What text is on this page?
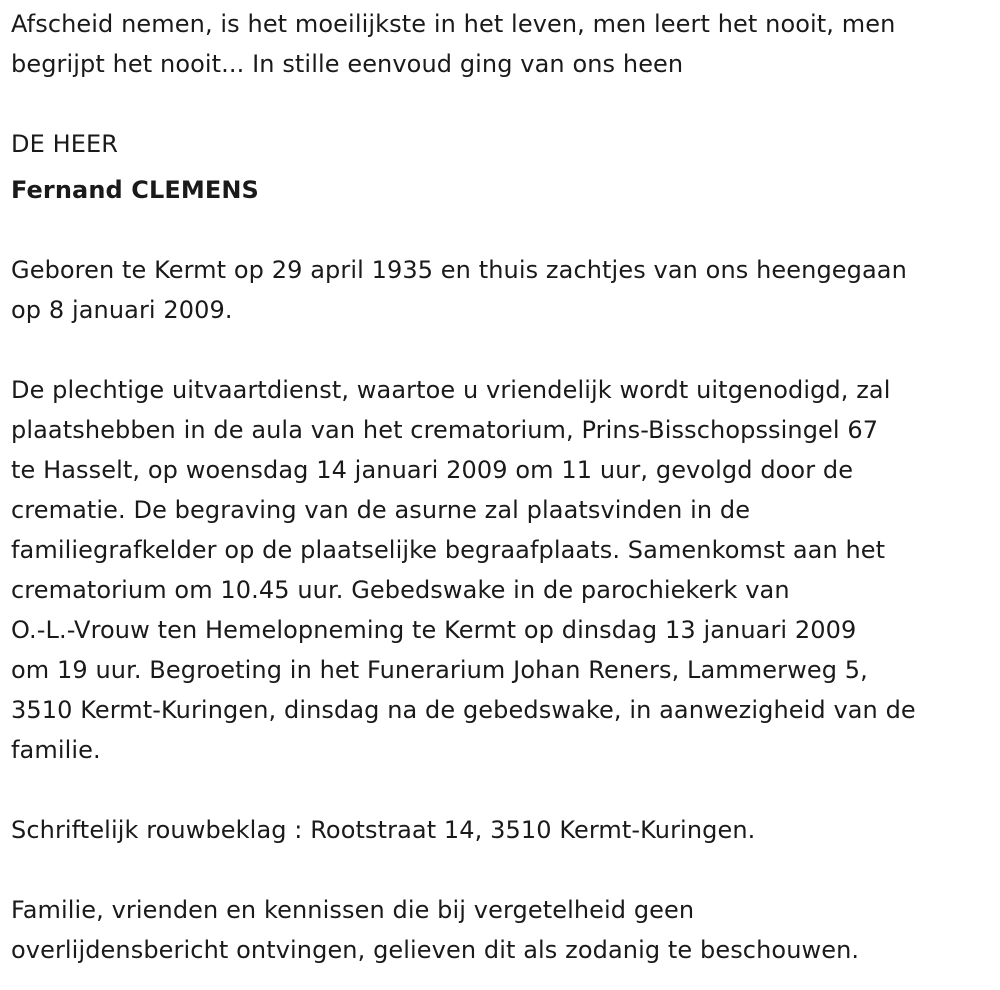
Afscheid nemen, is het moeilijkste in het leven, men leert het nooit, men

begrijpt het nooit... In stille eenvoud ging van ons heen

DE HEER

Fernand CLEMENS

Geboren te Kermt op 29 april 1935 en thuis zachtjes van ons heengegaan

op 8 januari 2009.

De plechtige uitvaartdienst, waartoe u vriendelijk wordt uitgenodigd, zal

plaatshebben in de aula van het crematorium, Prins-Bisschopssingel 67

te Hasselt, op woensdag 14 januari 2009 om 11 uur, gevolgd door de

crematie. De begraving van de asurne zal plaatsvinden in de

familiegrafkelder op de plaatselijke begraafplaats. Samenkomst aan het

crematorium om 10.45 uur. Gebedswake in de parochiekerk van

O.-L.-Vrouw ten Hemelopneming te Kermt op dinsdag 13 januari 2009

om 19 uur. Begroeting in het Funerarium Johan Reners, Lammerweg 5,

3510 Kermt-Kuringen, dinsdag na de gebedswake, in aanwezigheid van de

familie.

Schriftelijk rouwbeklag : Rootstraat 14, 3510 Kermt-Kuringen.

Familie, vrienden en kennissen die bij vergetelheid geen

overlijdensbericht ontvingen, gelieven dit als zodanig te beschouwen.
